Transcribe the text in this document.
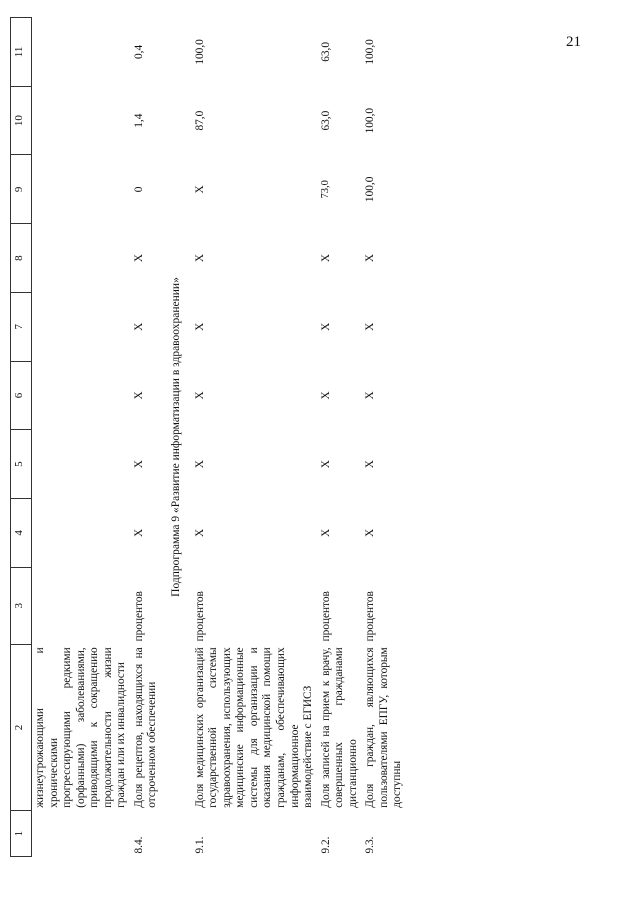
21
1	2	3	4	5	6	7	8	9	10	11
	жизнеугрожающими и хроническими прогрессирующими редкими (орфанными) заболеваниями, приводящими к сокращению продолжительности жизни граждан или их инвалидности									
8.4.	Доля рецептов, находящихся на отсроченном обеспечении	процентов	Х	Х	Х	Х	Х	0	1,4	0,4
Подпрограмма 9 «Развитие информатизации в здравоохранении»										
9.1.	Доля медицинских организаций государственной системы здравоохранения, использующих медицинские информационные системы для организации и оказания медицинской помощи гражданам, обеспечивающих информационное взаимодействие с ЕГИСЗ	процентов	Х	Х	Х	Х	Х	Х	87,0	100,0
9.2.	Доля записей на прием к врачу, совершенных гражданами дистанционно	процентов	Х	Х	Х	Х	Х	73,0	63,0	63,0
9.3.	Доля граждан, являющихся пользователями ЕПГУ, которым доступны	процентов	Х	Х	Х	Х	Х	100,0	100,0	100,0
